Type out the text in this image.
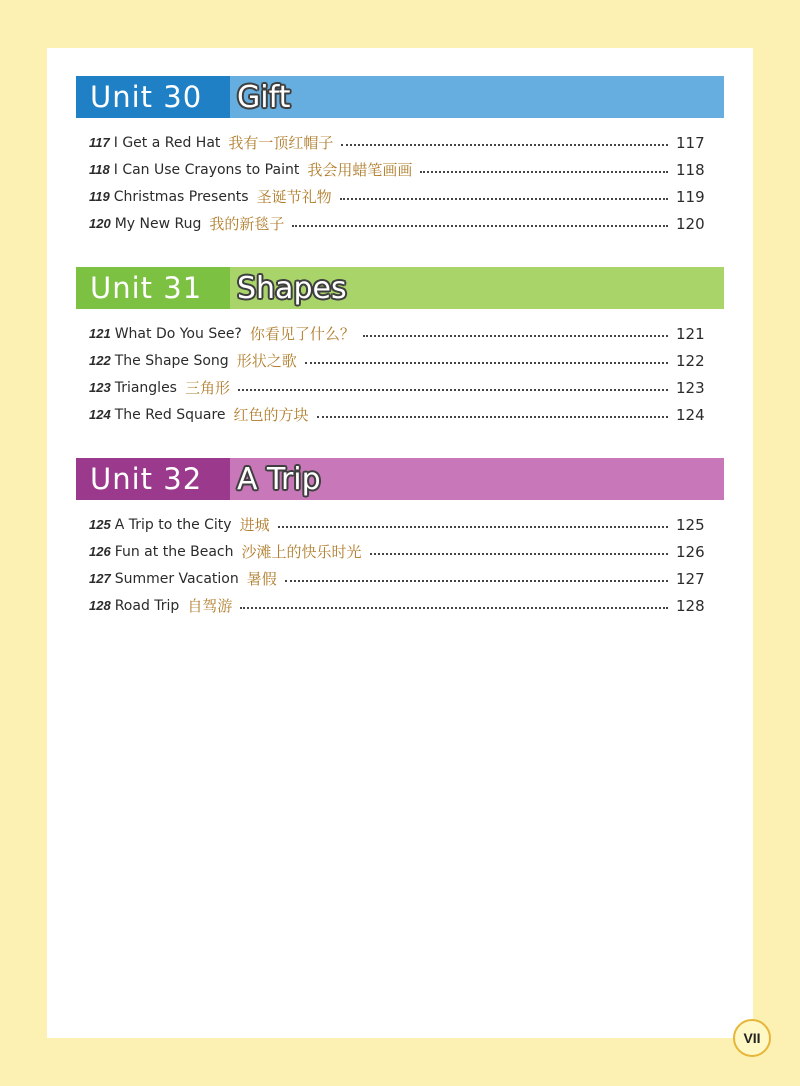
Unit 30	Gift
117 I Get a Red Hat 我有一顶红帽子	117
118 I Can Use Crayons to Paint 我会用蜡笔画画	118
119 Christmas Presents 圣诞节礼物	119
120 My New Rug 我的新毯子	120
Unit 31	Shapes
121 What Do You See? 你看见了什么？	121
122 The Shape Song 形状之歌	122
123 Triangles 三角形	123
124 The Red Square 红色的方块	124
Unit 32	A Trip
125 A Trip to the City 进城	125
126 Fun at the Beach 沙滩上的快乐时光	126
127 Summer Vacation 暑假	127
128 Road Trip 自驾游	128
VII
